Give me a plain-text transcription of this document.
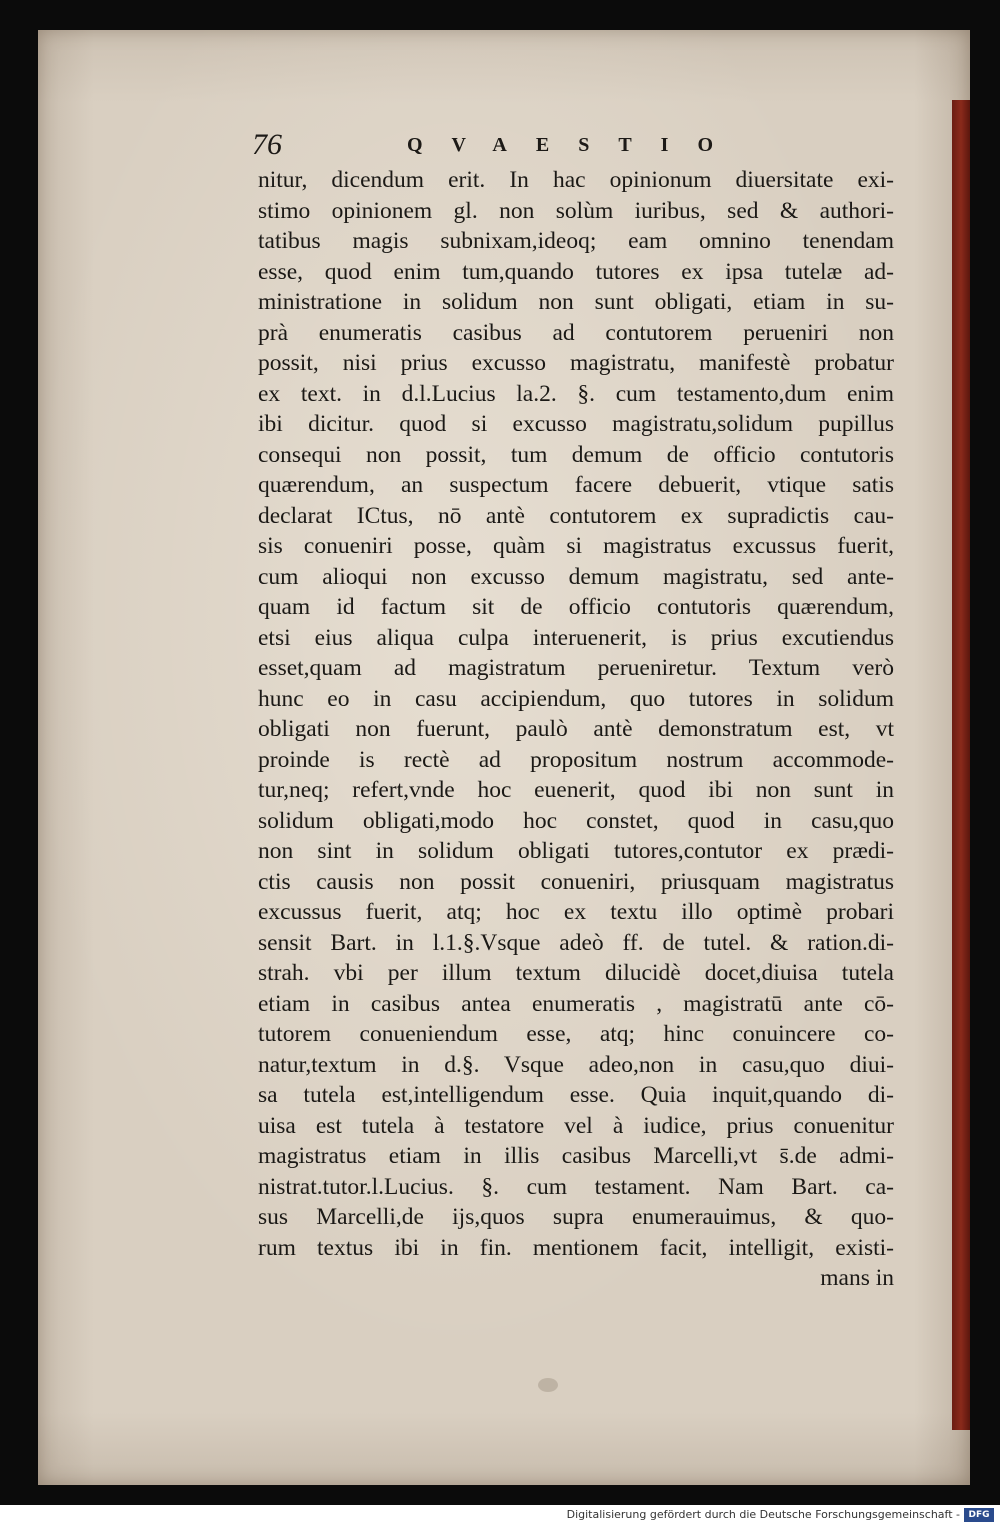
76	QVAESTIO
nitur, dicendum erit. In hac opinionum diuersitate exi-
stimo opinionem gl. non solùm iuribus, sed & authori-
tatibus magis subnixam,ideoq; eam omnino tenendam
esse, quod enim tum,quando tutores ex ipsa tutelæ ad-
ministratione in solidum non sunt obligati, etiam in su-
prà enumeratis casibus ad contutorem perueniri non
possit, nisi prius excusso magistratu, manifestè probatur
ex text. in d.l.Lucius la.2. §. cum testamento,dum enim
ibi dicitur. quod si excusso magistratu,solidum pupillus
consequi non possit, tum demum de officio contutoris
quærendum, an suspectum facere debuerit, vtique satis
declarat ICtus, nō antè contutorem ex supradictis cau-
sis conueniri posse, quàm si magistratus excussus fuerit,
cum alioqui non excusso demum magistratu, sed ante-
quam id factum sit de officio contutoris quærendum,
etsi eius aliqua culpa interuenerit, is prius excutiendus
esset,quam ad magistratum perueniretur. Textum verò
hunc eo in casu accipiendum, quo tutores in solidum
obligati non fuerunt, paulò antè demonstratum est, vt
proinde is rectè ad propositum nostrum accommode-
tur,neq; refert,vnde hoc euenerit, quod ibi non sunt in
solidum obligati,modo hoc constet, quod in casu,quo
non sint in solidum obligati tutores,contutor ex prædi-
ctis causis non possit conueniri, priusquam magistratus
excussus fuerit, atq; hoc ex textu illo optimè probari
sensit Bart. in l.1.§.Vsque adeò ff. de tutel. & ration.di-
strah. vbi per illum textum dilucidè docet,diuisa tutela
etiam in casibus antea enumeratis , magistratū ante cō-
tutorem conueniendum esse, atq; hinc conuincere co-
natur,textum in d.§. Vsque adeo,non in casu,quo diui-
sa tutela est,intelligendum esse. Quia inquit,quando di-
uisa est tutela à testatore vel à iudice, prius conuenitur
magistratus etiam in illis casibus Marcelli,vt s̄.de admi-
nistrat.tutor.l.Lucius. §. cum testament. Nam Bart. ca-
sus Marcelli,de ijs,quos supra enumerauimus, & quo-
rum textus ibi in fin. mentionem facit, intelligit, existi-
mans in
Digitalisierung gefördert durch die Deutsche Forschungsgemeinschaft - DFG
